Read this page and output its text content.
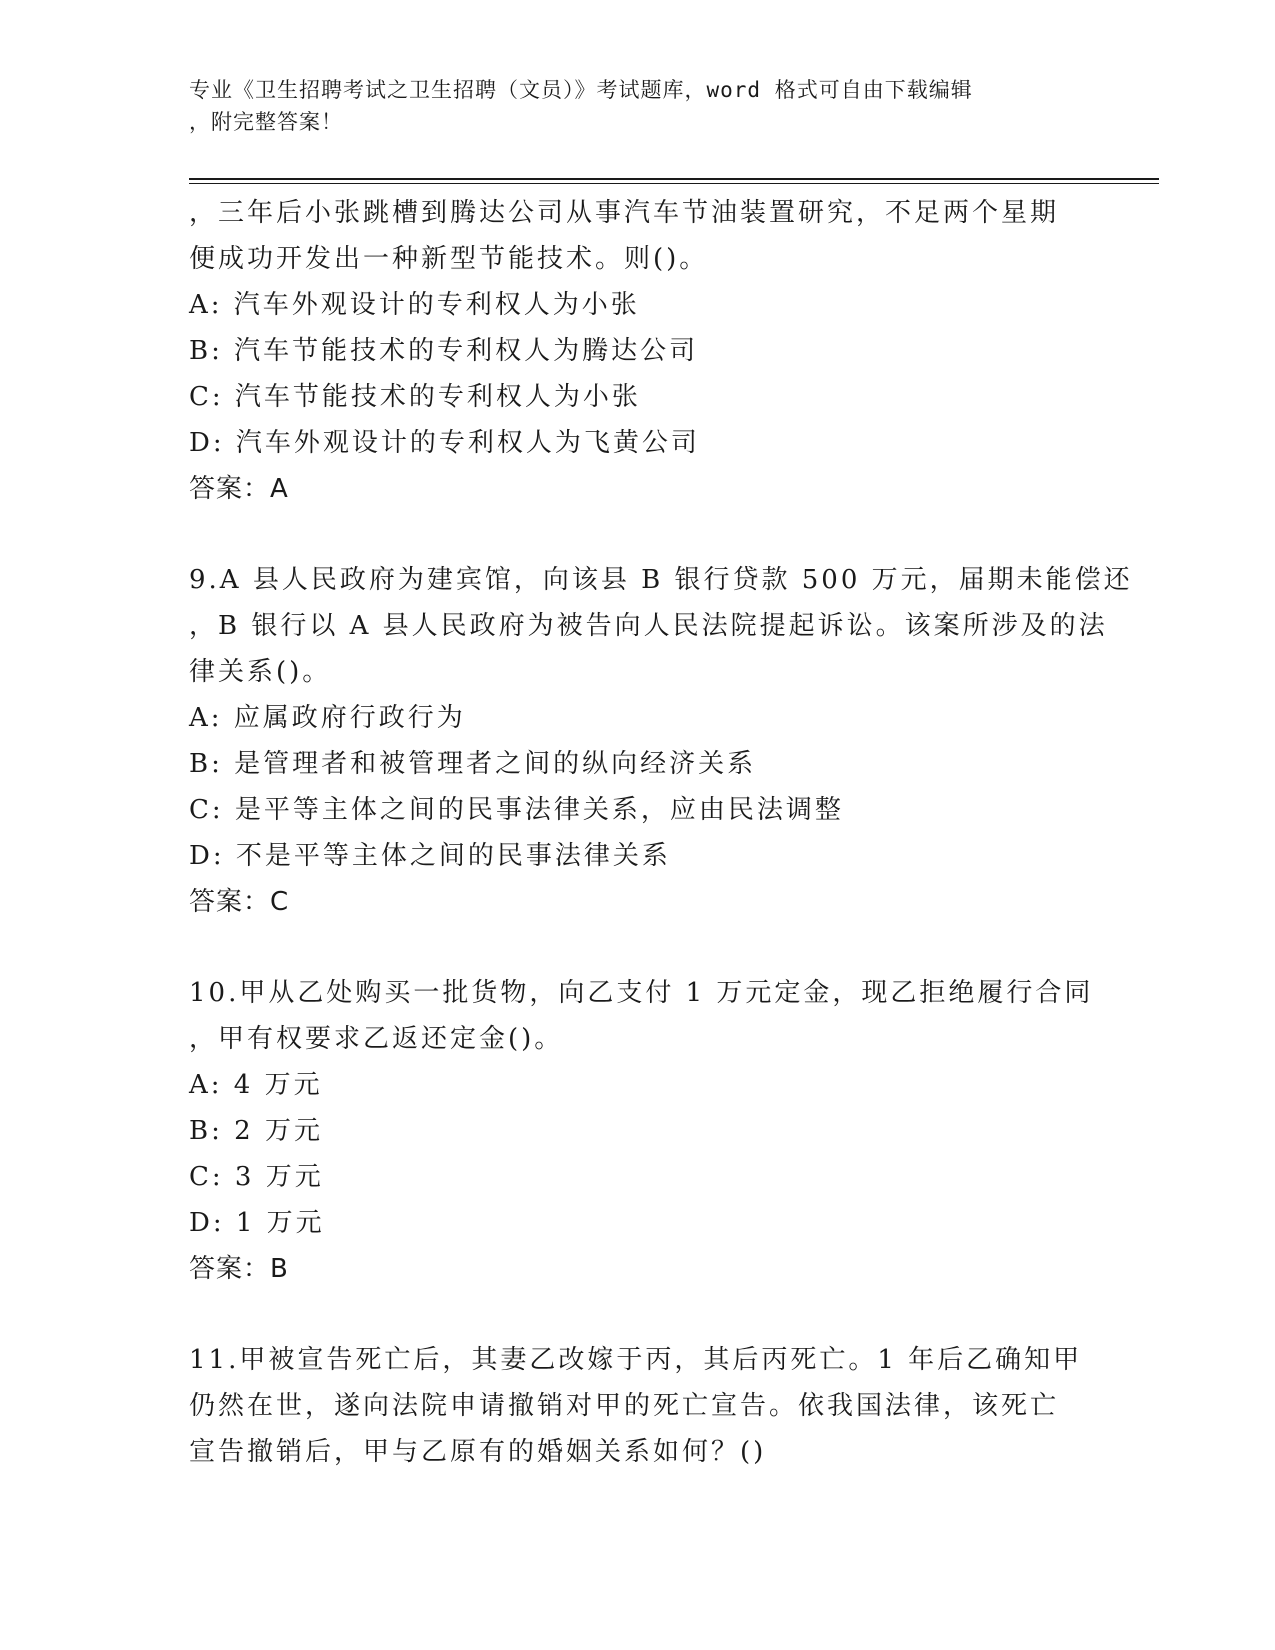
专业《卫生招聘考试之卫生招聘（文员）》考试题库，word 格式可自由下载编辑
，附完整答案！
，三年后小张跳槽到腾达公司从事汽车节油装置研究，不足两个星期
便成功开发出一种新型节能技术。则()。
A: 汽车外观设计的专利权人为小张
B: 汽车节能技术的专利权人为腾达公司
C: 汽车节能技术的专利权人为小张
D: 汽车外观设计的专利权人为飞黄公司
答案：A
9.A 县人民政府为建宾馆，向该县 B 银行贷款 500 万元，届期未能偿还
，B 银行以 A 县人民政府为被告向人民法院提起诉讼。该案所涉及的法
律关系()。
A: 应属政府行政行为
B: 是管理者和被管理者之间的纵向经济关系
C: 是平等主体之间的民事法律关系，应由民法调整
D: 不是平等主体之间的民事法律关系
答案：C
10.甲从乙处购买一批货物，向乙支付 1 万元定金，现乙拒绝履行合同
，甲有权要求乙返还定金()。
A: 4 万元
B: 2 万元
C: 3 万元
D: 1 万元
答案：B
11.甲被宣告死亡后，其妻乙改嫁于丙，其后丙死亡。1 年后乙确知甲
仍然在世，遂向法院申请撤销对甲的死亡宣告。依我国法律，该死亡
宣告撤销后，甲与乙原有的婚姻关系如何？()
